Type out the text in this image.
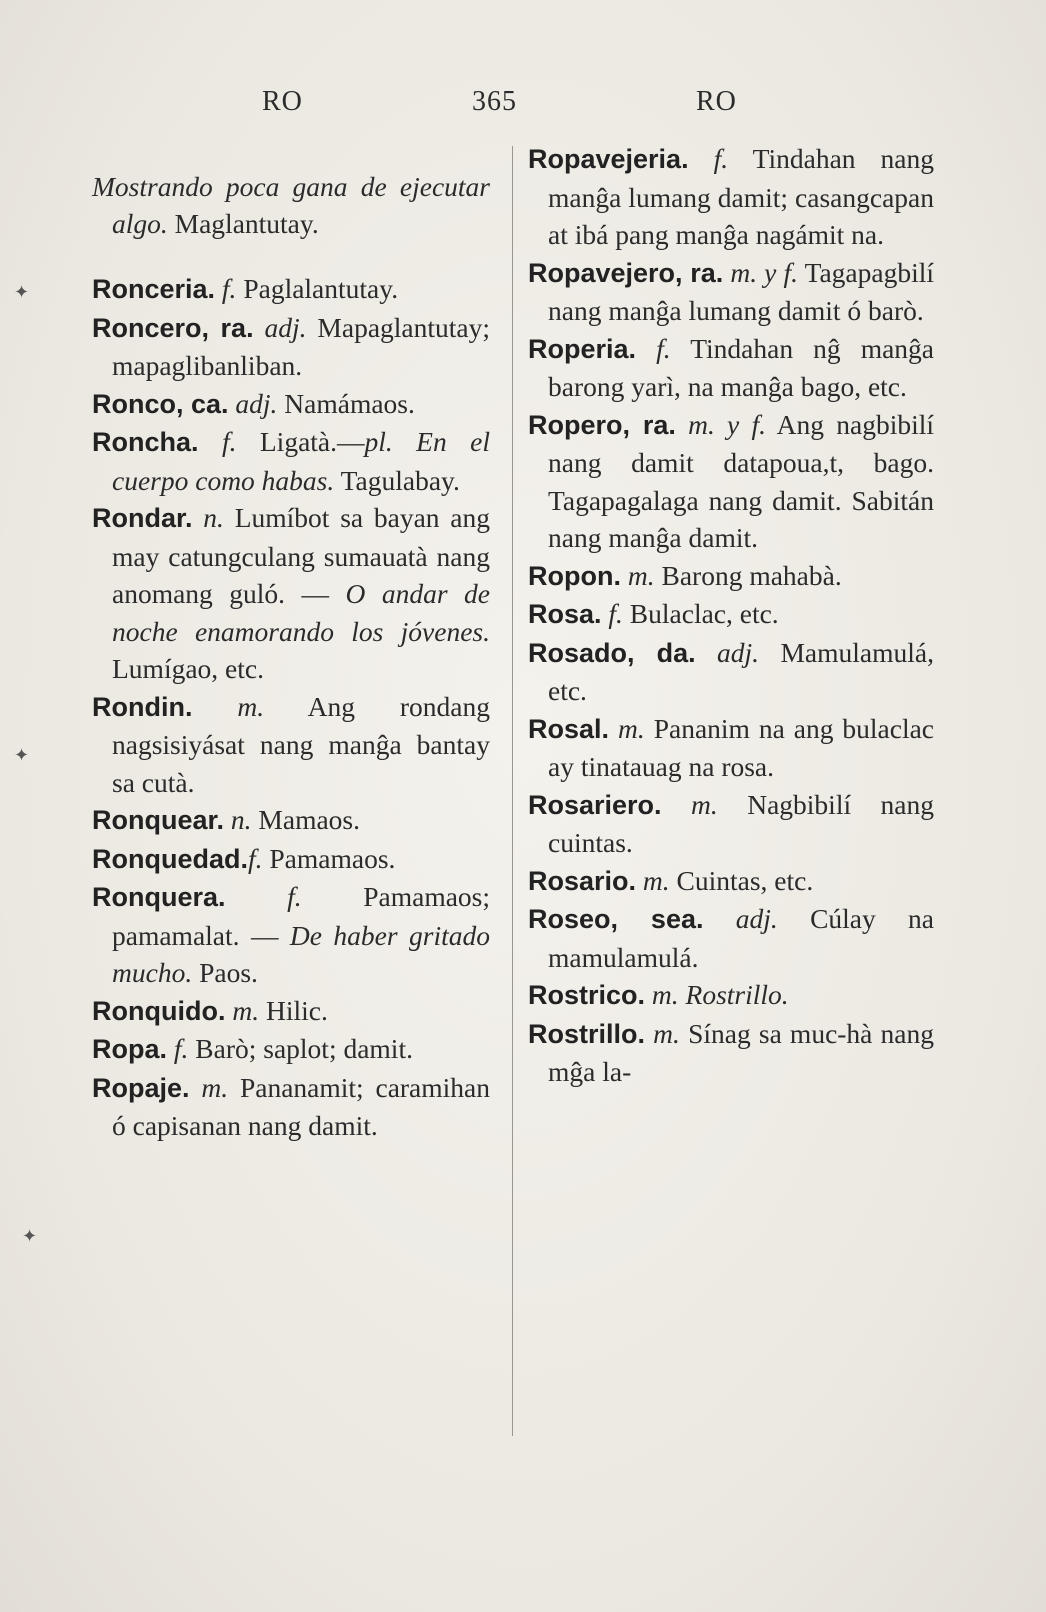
RO	365	RO
✦
✦
✦

Mostrando poca gana de ejecutar algo. Maglantutay.

Ronceria. f. Paglalantutay.

Roncero, ra. adj. Mapaglantutay; mapaglibanliban.

Ronco, ca. adj. Namámaos.

Roncha. f. Ligatà.—pl. En el cuerpo como habas. Tagulabay.

Rondar. n. Lumíbot sa bayan ang may catungculang sumauatà nang anomang guló. — O andar de noche enamorando los jóvenes. Lumígao, etc.

Rondin. m. Ang rondang nagsisiyásat nang manĝa bantay sa cutà.

Ronquear. n. Mamaos.

Ronquedad.f. Pamamaos.

Ronquera. f. Pamamaos; pamamalat. — De haber gritado mucho. Paos.

Ronquido. m. Hilic.

Ropa. f. Barò; saplot; damit.

Ropaje. m. Pananamit; caramihan ó capisanan nang damit.

Ropavejeria. f. Tindahan nang manĝa lumang damit; casangcapan at ibá pang manĝa nagámit na.

Ropavejero, ra. m. y f. Tagapagbilí nang manĝa lumang damit ó barò.

Roperia. f. Tindahan nĝ manĝa barong yarì, na manĝa bago, etc.

Ropero, ra. m. y f. Ang nagbibilí nang damit datapoua,t, bago. Tagapagalaga nang damit. Sabitán nang manĝa damit.

Ropon. m. Barong mahabà.

Rosa. f. Bulaclac, etc.

Rosado, da. adj. Mamulamulá, etc.

Rosal. m. Pananim na ang bulaclac ay tinatauag na rosa.

Rosariero. m. Nagbibilí nang cuintas.

Rosario. m. Cuintas, etc.

Roseo, sea. adj. Cúlay na mamulamulá.

Rostrico. m. Rostrillo.

Rostrillo. m. Sínag sa muc-hà nang mĝa la-
